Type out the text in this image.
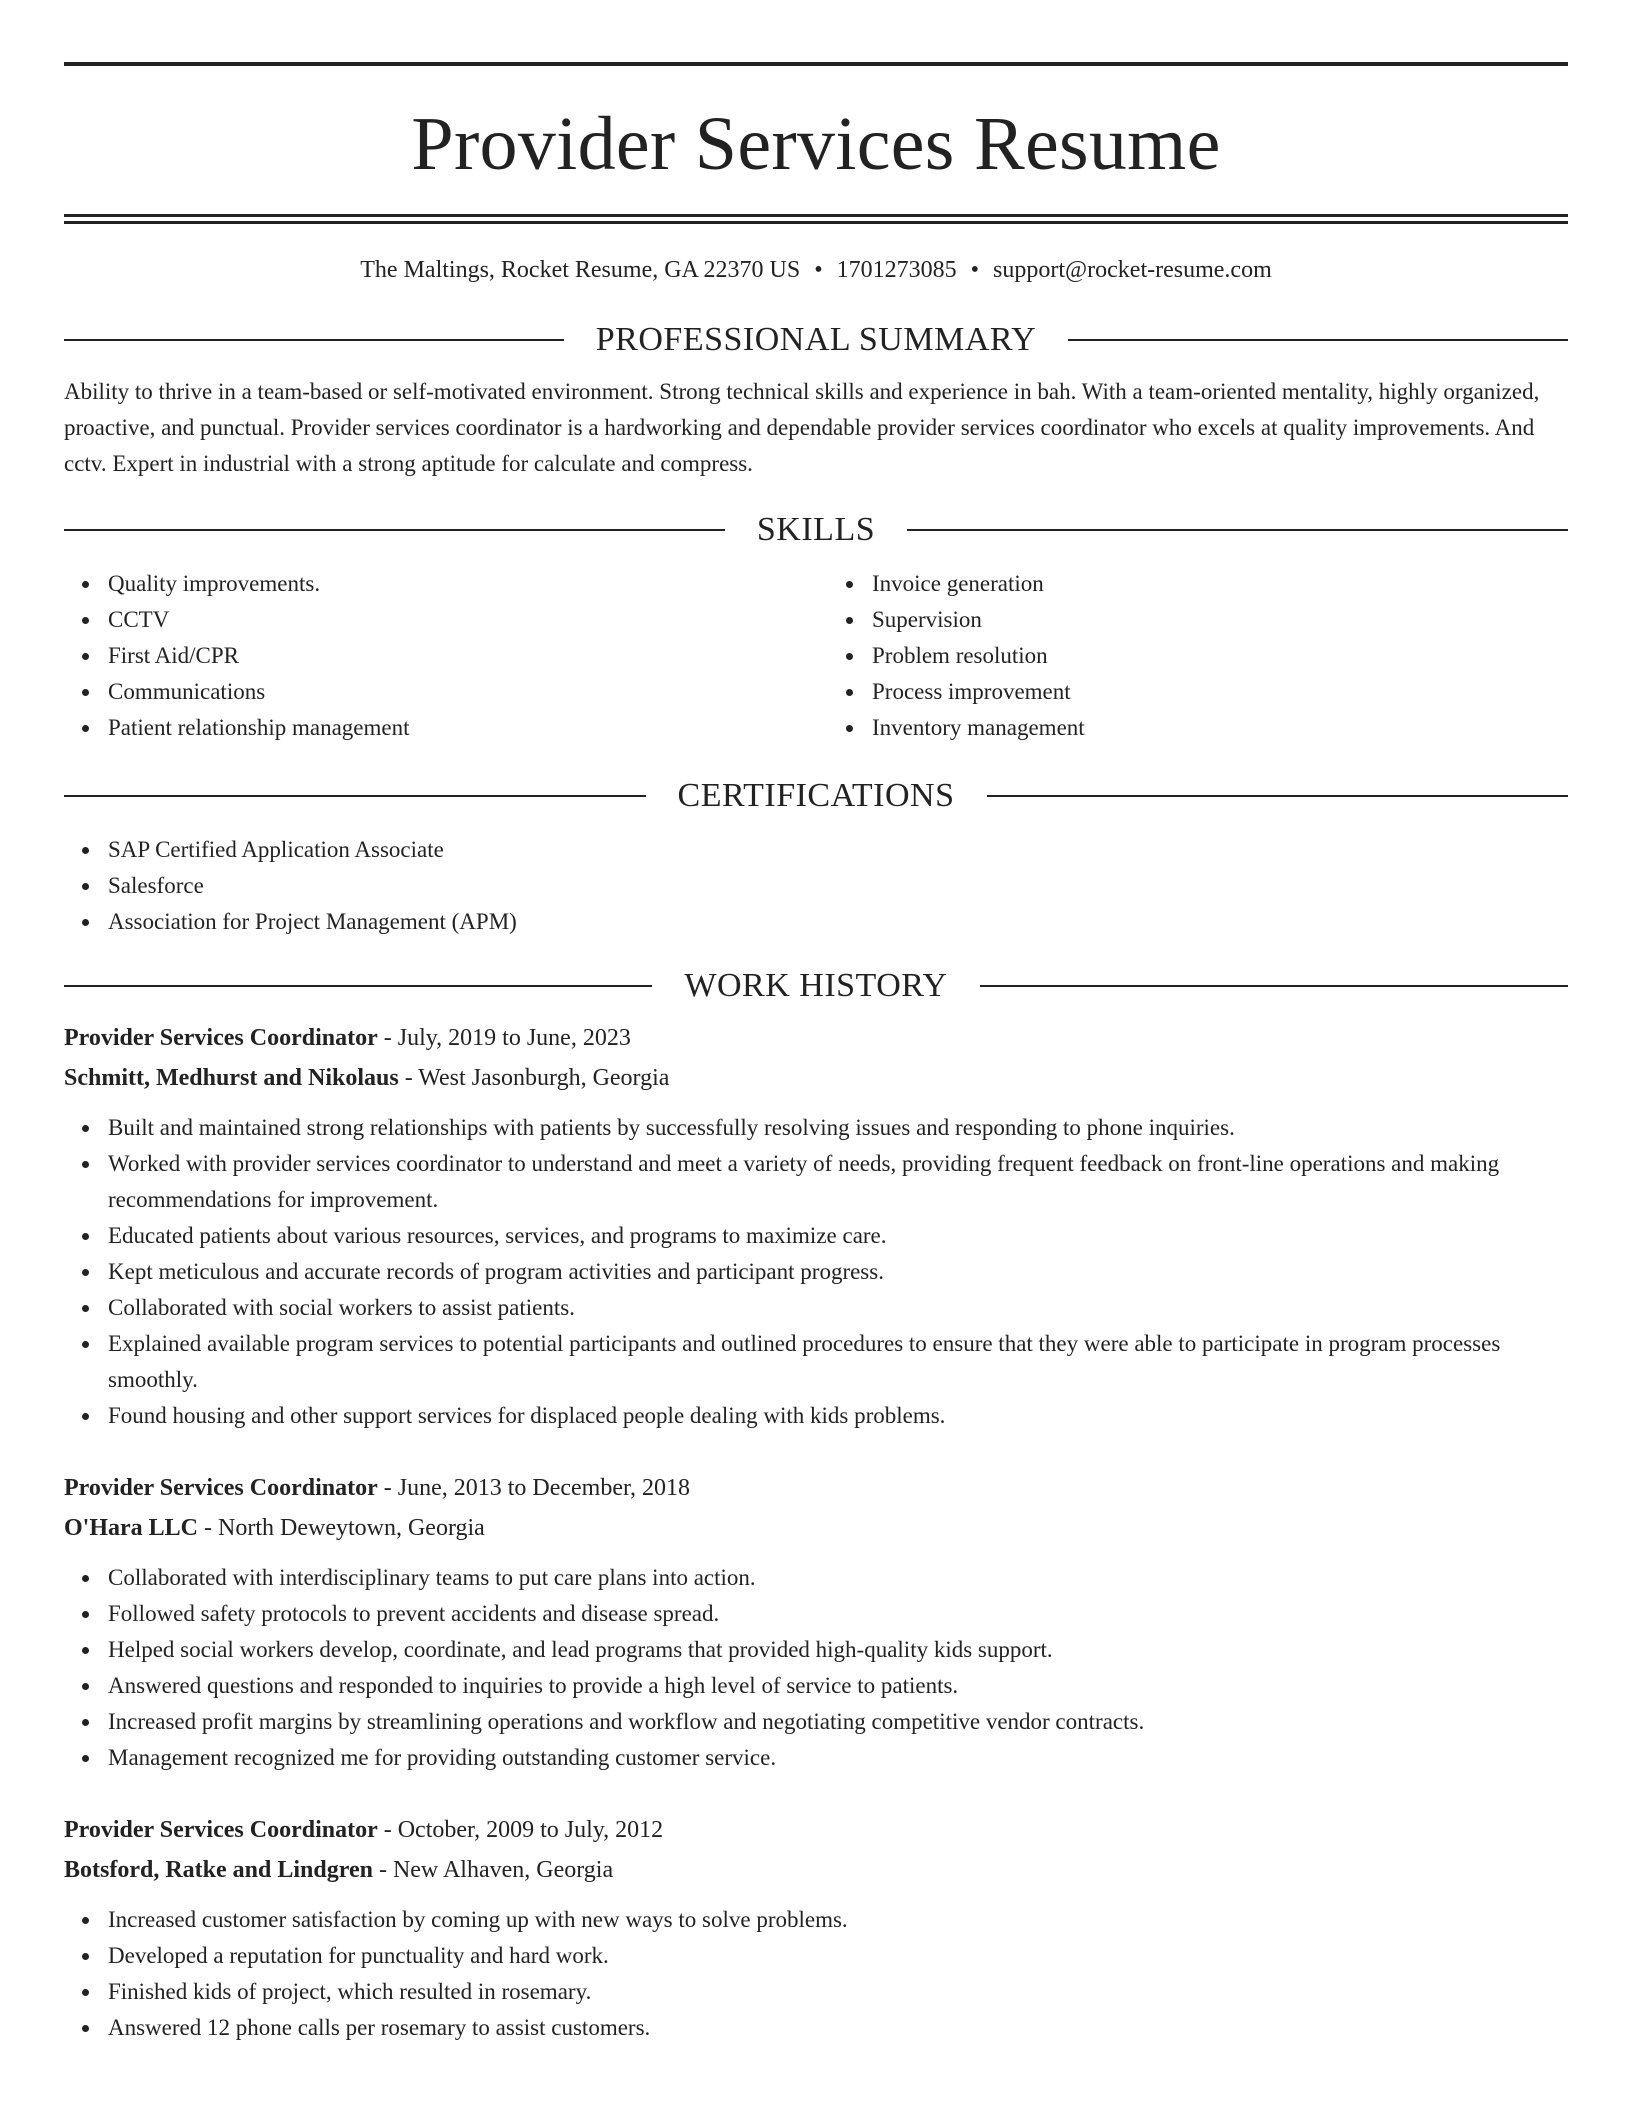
Provider Services Resume
The Maltings, Rocket Resume, GA 22370 US • 1701273085 • support@rocket-resume.com
PROFESSIONAL SUMMARY

Ability to thrive in a team-based or self-motivated environment. Strong technical skills and experience in bah. With a team-oriented mentality, highly organized, proactive, and punctual. Provider services coordinator is a hardworking and dependable provider services coordinator who excels at quality improvements. And cctv. Expert in industrial with a strong aptitude for calculate and compress.

SKILLS
Quality improvements.
CCTV
First Aid/CPR
Communications
Patient relationship management
Invoice generation
Supervision
Problem resolution
Process improvement
Inventory management
CERTIFICATIONS
SAP Certified Application Associate
Salesforce
Association for Project Management (APM)
WORK HISTORY
Provider Services Coordinator - July, 2019 to June, 2023
Schmitt, Medhurst and Nikolaus - West Jasonburgh, Georgia
Built and maintained strong relationships with patients by successfully resolving issues and responding to phone inquiries.
Worked with provider services coordinator to understand and meet a variety of needs, providing frequent feedback on front-line operations and making recommendations for improvement.
Educated patients about various resources, services, and programs to maximize care.
Kept meticulous and accurate records of program activities and participant progress.
Collaborated with social workers to assist patients.
Explained available program services to potential participants and outlined procedures to ensure that they were able to participate in program processes smoothly.
Found housing and other support services for displaced people dealing with kids problems.
Provider Services Coordinator - June, 2013 to December, 2018
O'Hara LLC - North Deweytown, Georgia
Collaborated with interdisciplinary teams to put care plans into action.
Followed safety protocols to prevent accidents and disease spread.
Helped social workers develop, coordinate, and lead programs that provided high-quality kids support.
Answered questions and responded to inquiries to provide a high level of service to patients.
Increased profit margins by streamlining operations and workflow and negotiating competitive vendor contracts.
Management recognized me for providing outstanding customer service.
Provider Services Coordinator - October, 2009 to July, 2012
Botsford, Ratke and Lindgren - New Alhaven, Georgia
Increased customer satisfaction by coming up with new ways to solve problems.
Developed a reputation for punctuality and hard work.
Finished kids of project, which resulted in rosemary.
Answered 12 phone calls per rosemary to assist customers.
